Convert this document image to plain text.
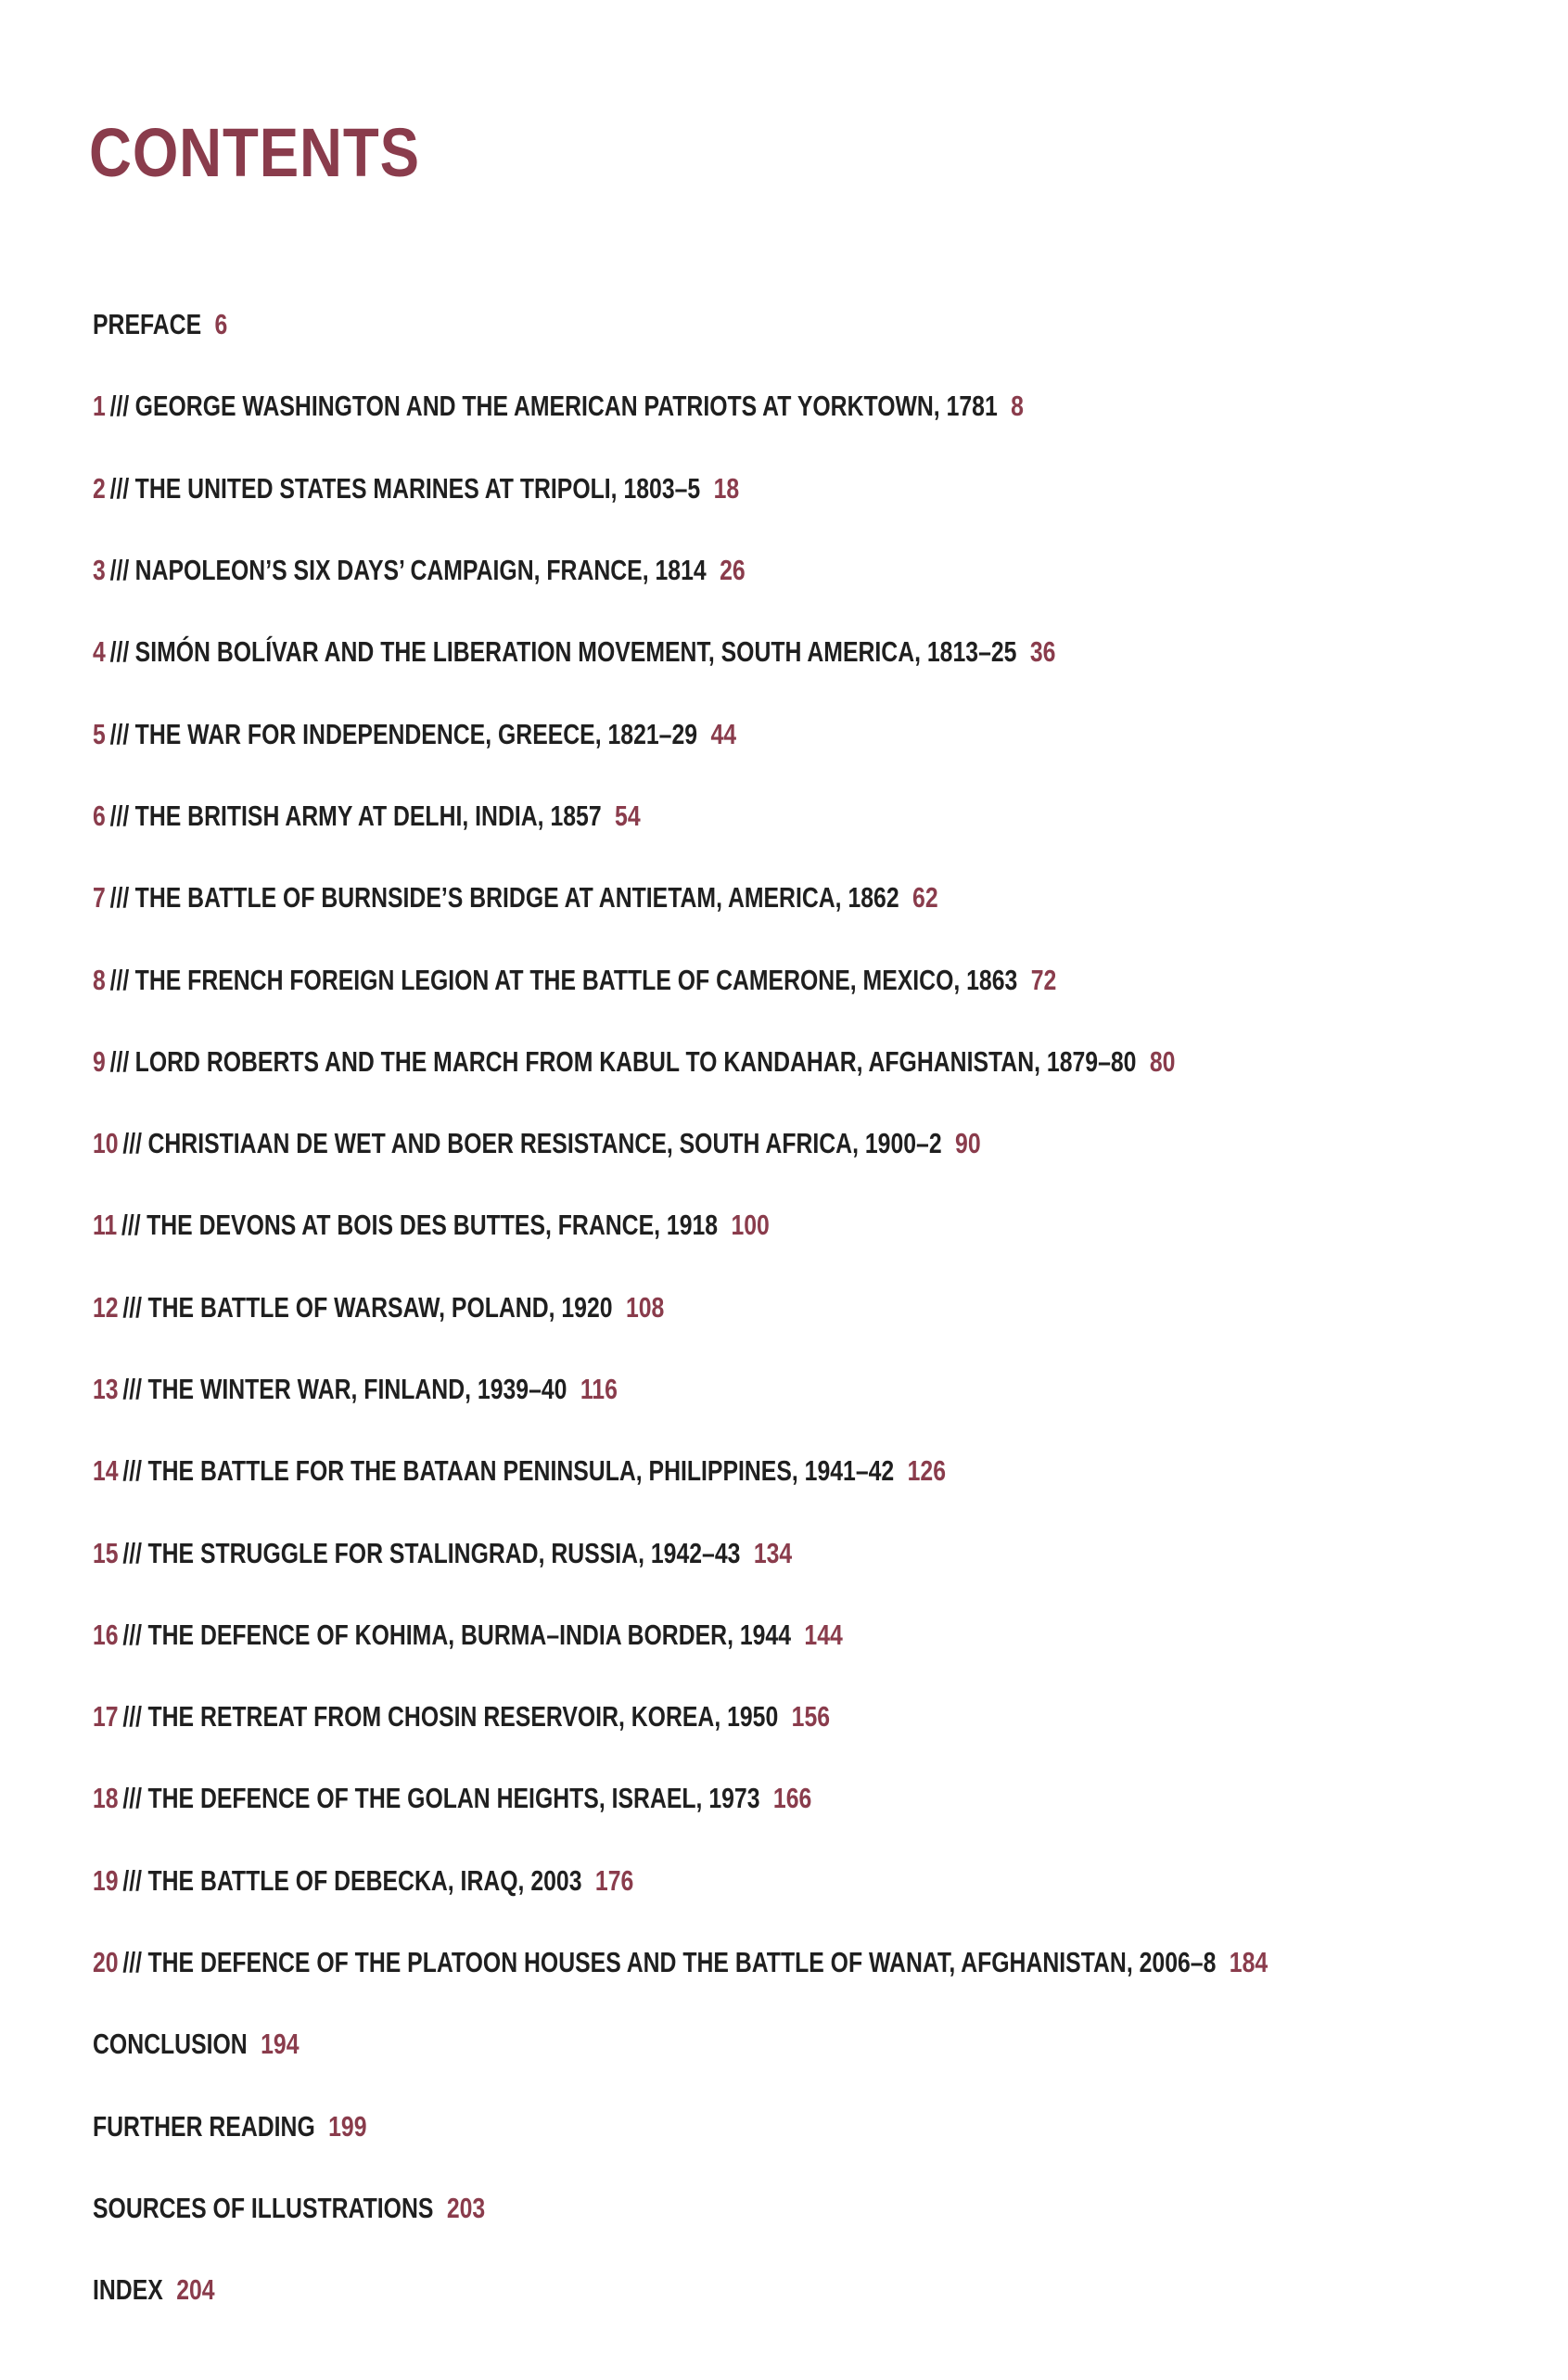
CONTENTS
PREFACE 6
1 /// GEORGE WASHINGTON AND THE AMERICAN PATRIOTS AT YORKTOWN, 1781 8
2 /// THE UNITED STATES MARINES AT TRIPOLI, 1803–5 18
3 /// NAPOLEON’S SIX DAYS’ CAMPAIGN, FRANCE, 1814 26
4 /// SIMÓN BOLÍVAR AND THE LIBERATION MOVEMENT, SOUTH AMERICA, 1813–25 36
5 /// THE WAR FOR INDEPENDENCE, GREECE, 1821–29 44
6 /// THE BRITISH ARMY AT DELHI, INDIA, 1857 54
7 /// THE BATTLE OF BURNSIDE’S BRIDGE AT ANTIETAM, AMERICA, 1862 62
8 /// THE FRENCH FOREIGN LEGION AT THE BATTLE OF CAMERONE, MEXICO, 1863 72
9 /// LORD ROBERTS AND THE MARCH FROM KABUL TO KANDAHAR, AFGHANISTAN, 1879–80 80
10 /// CHRISTIAAN DE WET AND BOER RESISTANCE, SOUTH AFRICA, 1900–2 90
11 /// THE DEVONS AT BOIS DES BUTTES, FRANCE, 1918 100
12 /// THE BATTLE OF WARSAW, POLAND, 1920 108
13 /// THE WINTER WAR, FINLAND, 1939–40 116
14 /// THE BATTLE FOR THE BATAAN PENINSULA, PHILIPPINES, 1941–42 126
15 /// THE STRUGGLE FOR STALINGRAD, RUSSIA, 1942–43 134
16 /// THE DEFENCE OF KOHIMA, BURMA–INDIA BORDER, 1944 144
17 /// THE RETREAT FROM CHOSIN RESERVOIR, KOREA, 1950 156
18 /// THE DEFENCE OF THE GOLAN HEIGHTS, ISRAEL, 1973 166
19 /// THE BATTLE OF DEBECKA, IRAQ, 2003 176
20 /// THE DEFENCE OF THE PLATOON HOUSES AND THE BATTLE OF WANAT, AFGHANISTAN, 2006–8 184
CONCLUSION 194
FURTHER READING 199
SOURCES OF ILLUSTRATIONS 203
INDEX 204
